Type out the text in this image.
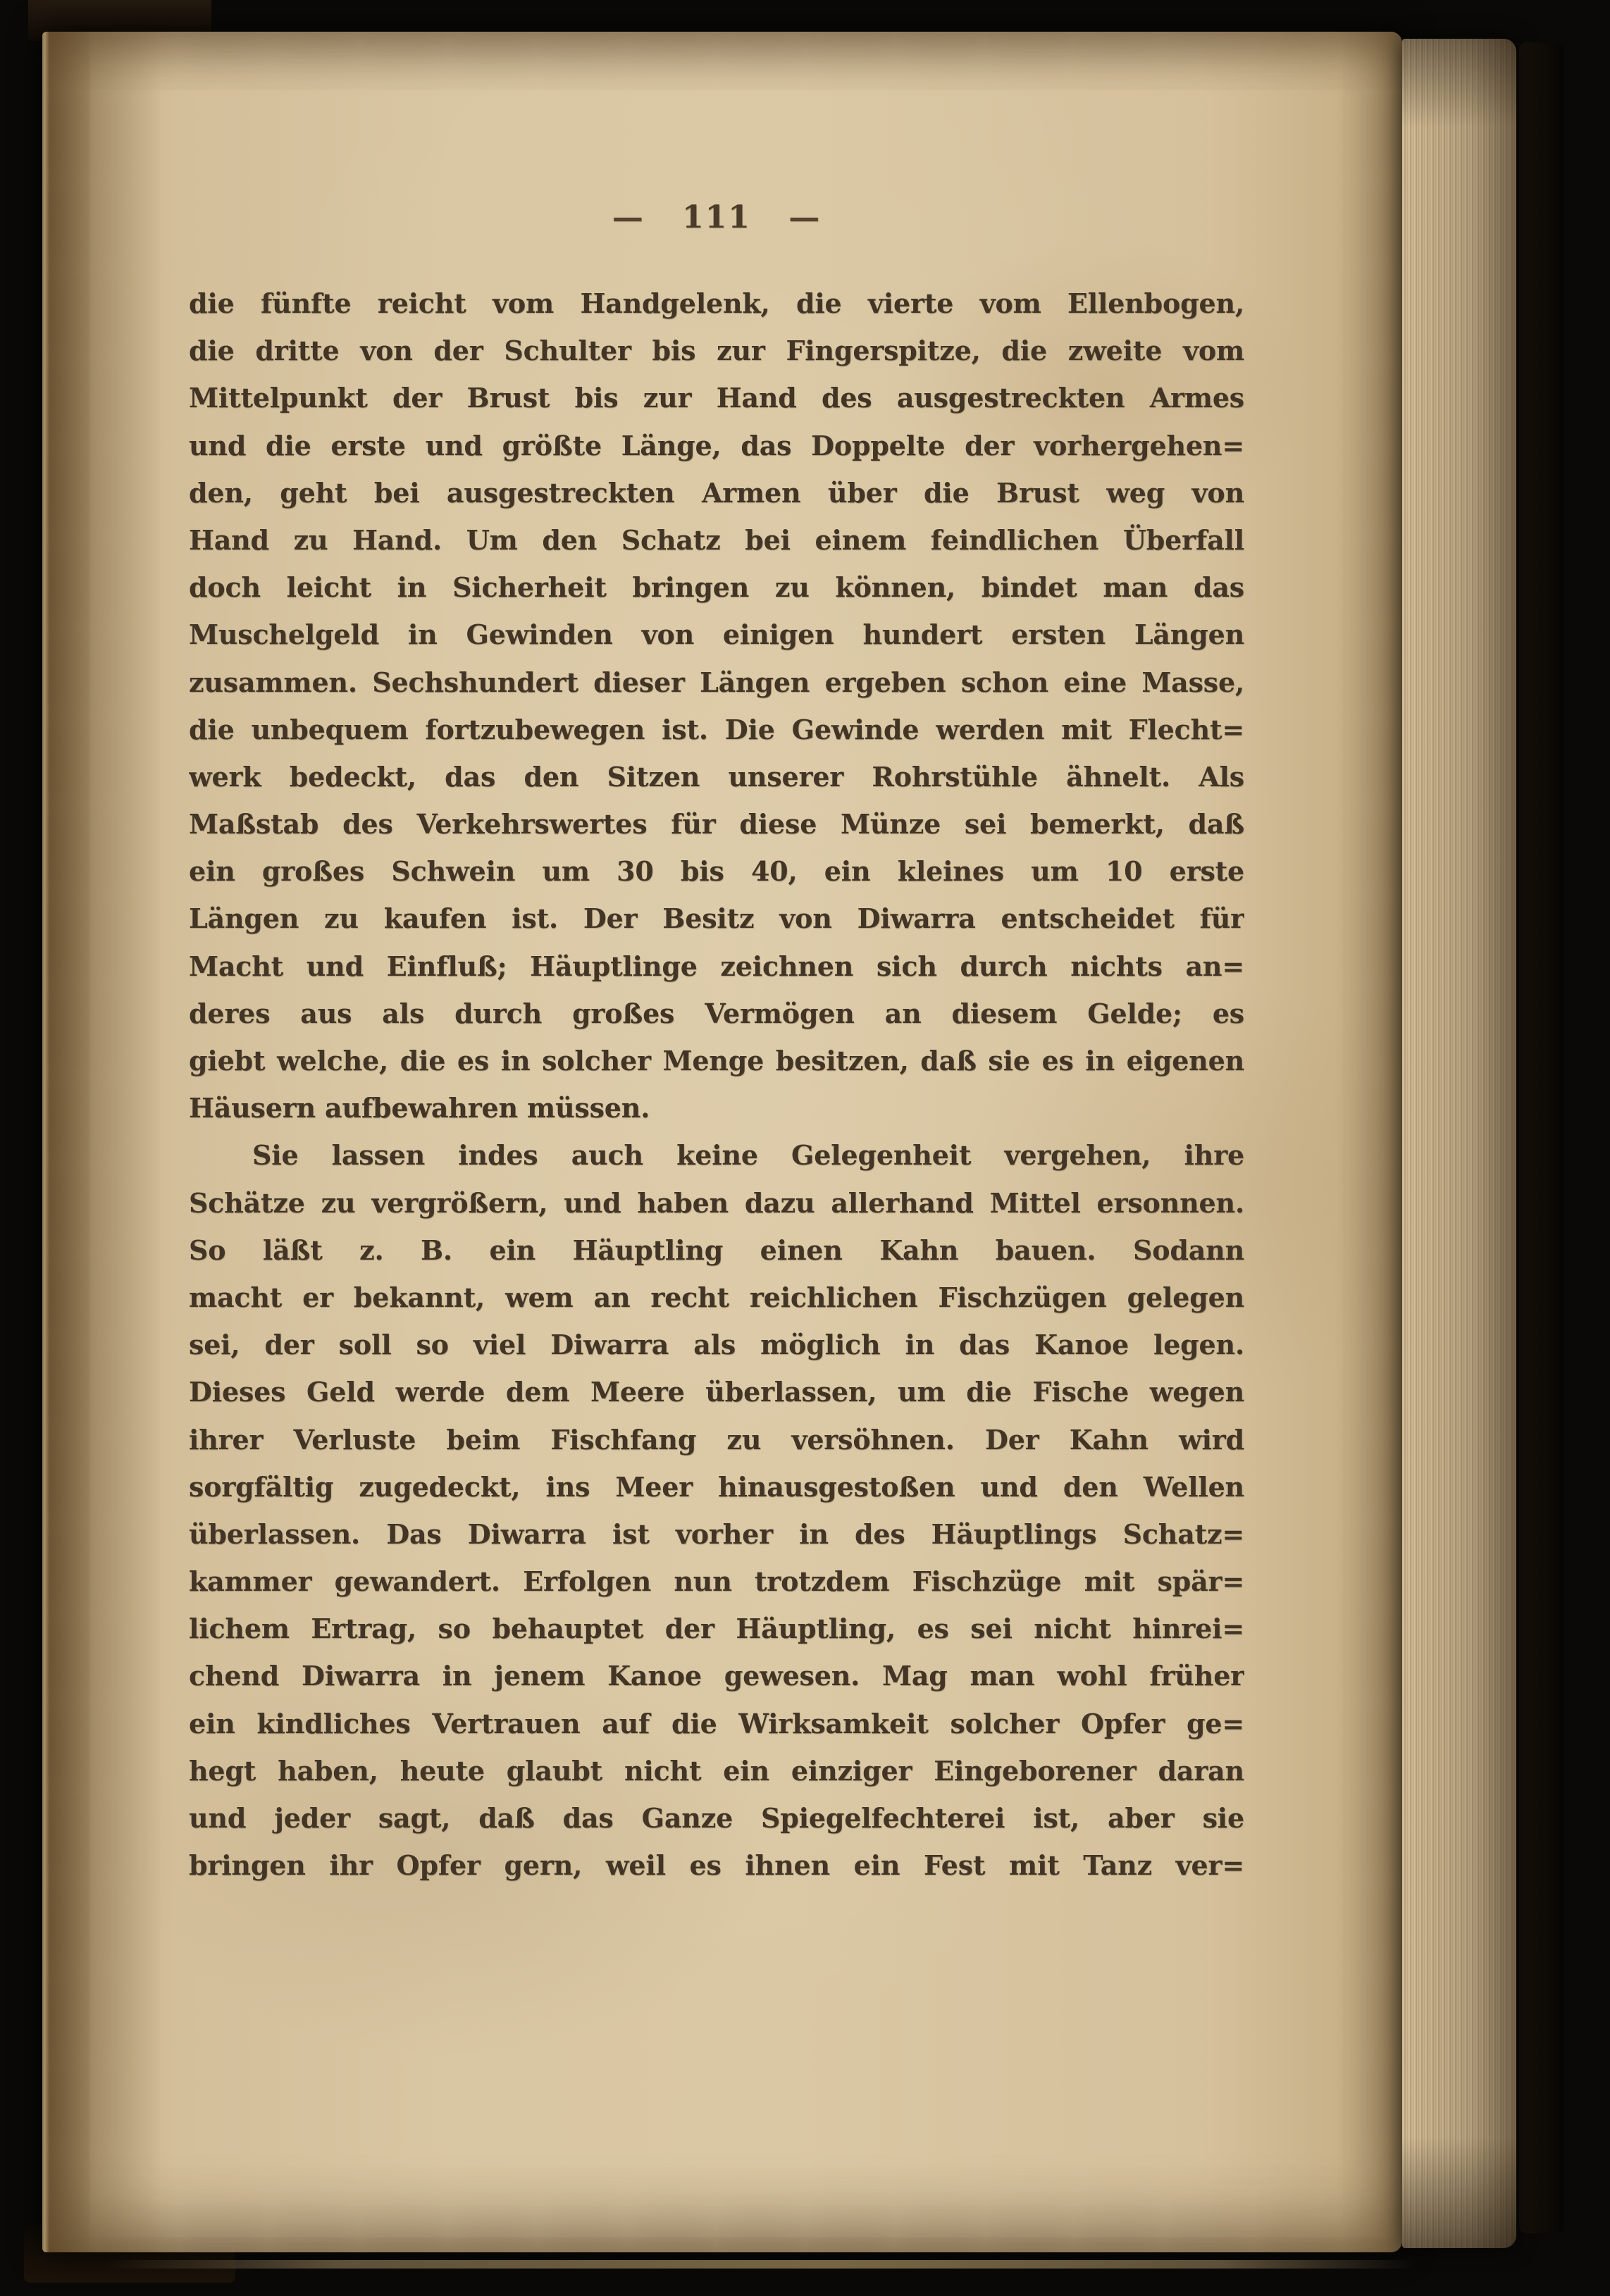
— 111 —
die fünfte reicht vom Handgelenk, die vierte vom Ellenbogen,
die dritte von der Schulter bis zur Fingerspitze, die zweite vom
Mittelpunkt der Brust bis zur Hand des ausgestreckten Armes
und die erste und größte Länge, das Doppelte der vorhergehen=
den, geht bei ausgestreckten Armen über die Brust weg von
Hand zu Hand. Um den Schatz bei einem feindlichen Überfall
doch leicht in Sicherheit bringen zu können, bindet man das
Muschelgeld in Gewinden von einigen hundert ersten Längen
zusammen. Sechshundert dieser Längen ergeben schon eine Masse,
die unbequem fortzubewegen ist. Die Gewinde werden mit Flecht=
werk bedeckt, das den Sitzen unserer Rohrstühle ähnelt. Als
Maßstab des Verkehrswertes für diese Münze sei bemerkt, daß
ein großes Schwein um 30 bis 40, ein kleines um 10 erste
Längen zu kaufen ist. Der Besitz von Diwarra entscheidet für
Macht und Einfluß; Häuptlinge zeichnen sich durch nichts an=
deres aus als durch großes Vermögen an diesem Gelde; es
giebt welche, die es in solcher Menge besitzen, daß sie es in eigenen
Häusern aufbewahren müssen.
Sie lassen indes auch keine Gelegenheit vergehen, ihre
Schätze zu vergrößern, und haben dazu allerhand Mittel ersonnen.
So läßt z. B. ein Häuptling einen Kahn bauen. Sodann
macht er bekannt, wem an recht reichlichen Fischzügen gelegen
sei, der soll so viel Diwarra als möglich in das Kanoe legen.
Dieses Geld werde dem Meere überlassen, um die Fische wegen
ihrer Verluste beim Fischfang zu versöhnen. Der Kahn wird
sorgfältig zugedeckt, ins Meer hinausgestoßen und den Wellen
überlassen. Das Diwarra ist vorher in des Häuptlings Schatz=
kammer gewandert. Erfolgen nun trotzdem Fischzüge mit spär=
lichem Ertrag, so behauptet der Häuptling, es sei nicht hinrei=
chend Diwarra in jenem Kanoe gewesen. Mag man wohl früher
ein kindliches Vertrauen auf die Wirksamkeit solcher Opfer ge=
hegt haben, heute glaubt nicht ein einziger Eingeborener daran
und jeder sagt, daß das Ganze Spiegelfechterei ist, aber sie
bringen ihr Opfer gern, weil es ihnen ein Fest mit Tanz ver=
